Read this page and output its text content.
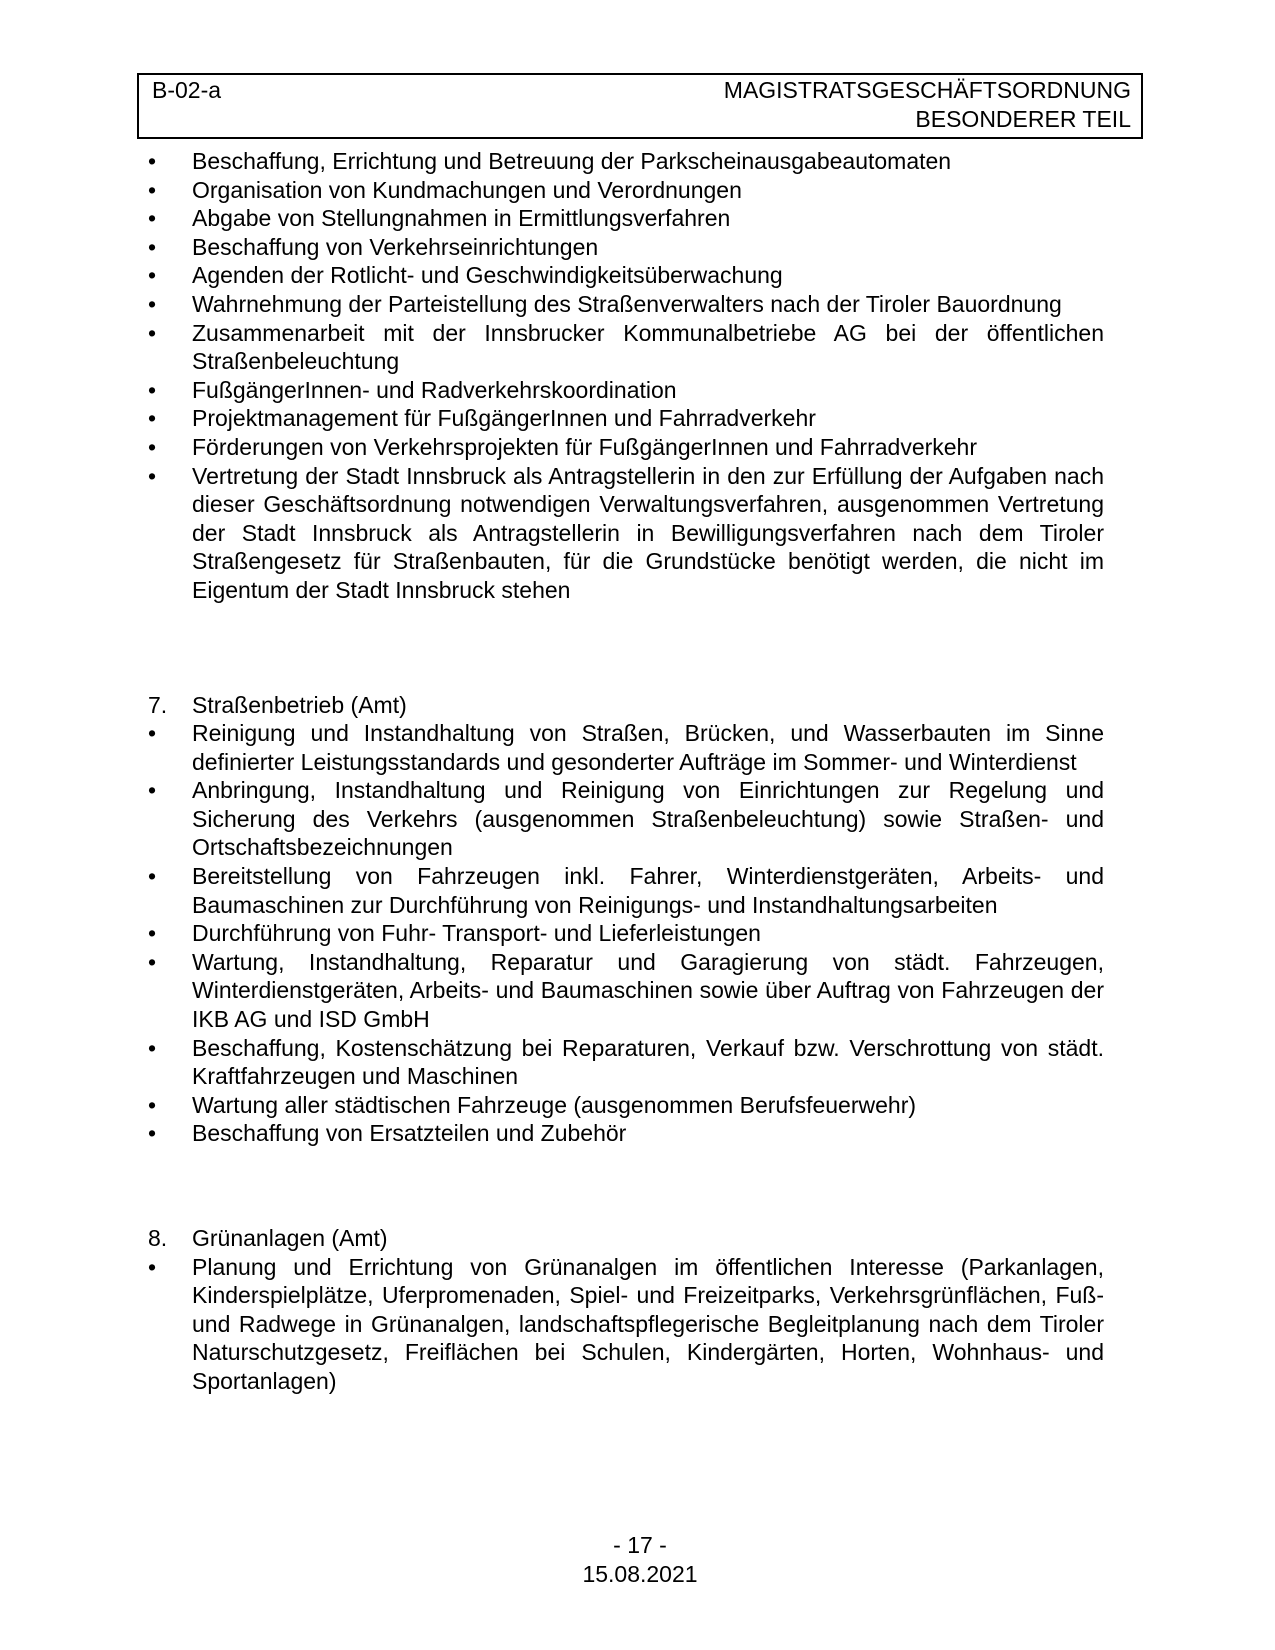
B-02-a	MAGISTRATSGESCHÄFTSORDNUNG
BESONDERER TEIL
•	Beschaffung, Errichtung und Betreuung der Parkscheinausgabeautomaten
•	Organisation von Kundmachungen und Verordnungen
•	Abgabe von Stellungnahmen in Ermittlungsverfahren
•	Beschaffung von Verkehrseinrichtungen
•	Agenden der Rotlicht- und Geschwindigkeitsüberwachung
•	Wahrnehmung der Parteistellung des Straßenverwalters nach der Tiroler Bauordnung
•	Zusammenarbeit mit der Innsbrucker Kommunalbetriebe AG bei der öffentlichen Straßenbeleuchtung
•	FußgängerInnen- und Radverkehrskoordination
•	Projektmanagement für FußgängerInnen und Fahrradverkehr
•	Förderungen von Verkehrsprojekten für FußgängerInnen und Fahrradverkehr
•	Vertretung der Stadt Innsbruck als Antragstellerin in den zur Erfüllung der Aufgaben nach dieser Geschäftsordnung notwendigen Verwaltungsverfahren, ausgenommen Vertretung der Stadt Innsbruck als Antragstellerin in Bewilligungsverfahren nach dem Tiroler Straßengesetz für Straßenbauten, für die Grundstücke benötigt werden, die nicht im Eigentum der Stadt Innsbruck stehen
7.	Straßenbetrieb (Amt)
•	Reinigung und Instandhaltung von Straßen, Brücken, und Wasserbauten im Sinne definierter Leistungsstandards und gesonderter Aufträge im Sommer- und Winterdienst
•	Anbringung, Instandhaltung und Reinigung von Einrichtungen zur Regelung und Sicherung des Verkehrs (ausgenommen Straßenbeleuchtung) sowie Straßen- und Ortschaftsbezeichnungen
•	Bereitstellung von Fahrzeugen inkl. Fahrer, Winterdienstgeräten, Arbeits- und Baumaschinen zur Durchführung von Reinigungs- und Instandhaltungsarbeiten
•	Durchführung von Fuhr- Transport- und Lieferleistungen
•	Wartung, Instandhaltung, Reparatur und Garagierung von städt. Fahrzeugen, Winterdienstgeräten, Arbeits- und Baumaschinen sowie über Auftrag von Fahrzeugen der IKB AG und ISD GmbH
•	Beschaffung, Kostenschätzung bei Reparaturen, Verkauf bzw. Verschrottung von städt. Kraftfahrzeugen und Maschinen
•	Wartung aller städtischen Fahrzeuge (ausgenommen Berufsfeuerwehr)
•	Beschaffung von Ersatzteilen und Zubehör
8.	Grünanlagen (Amt)
•	Planung und Errichtung von Grünanalgen im öffentlichen Interesse (Parkanlagen, Kinderspielplätze, Uferpromenaden, Spiel- und Freizeitparks, Verkehrsgrünflächen, Fuß- und Radwege in Grünanalgen, landschaftspflegerische Begleitplanung nach dem Tiroler Naturschutzgesetz, Freiflächen bei Schulen, Kindergärten, Horten, Wohnhaus- und Sportanlagen)
- 17 -
15.08.2021
